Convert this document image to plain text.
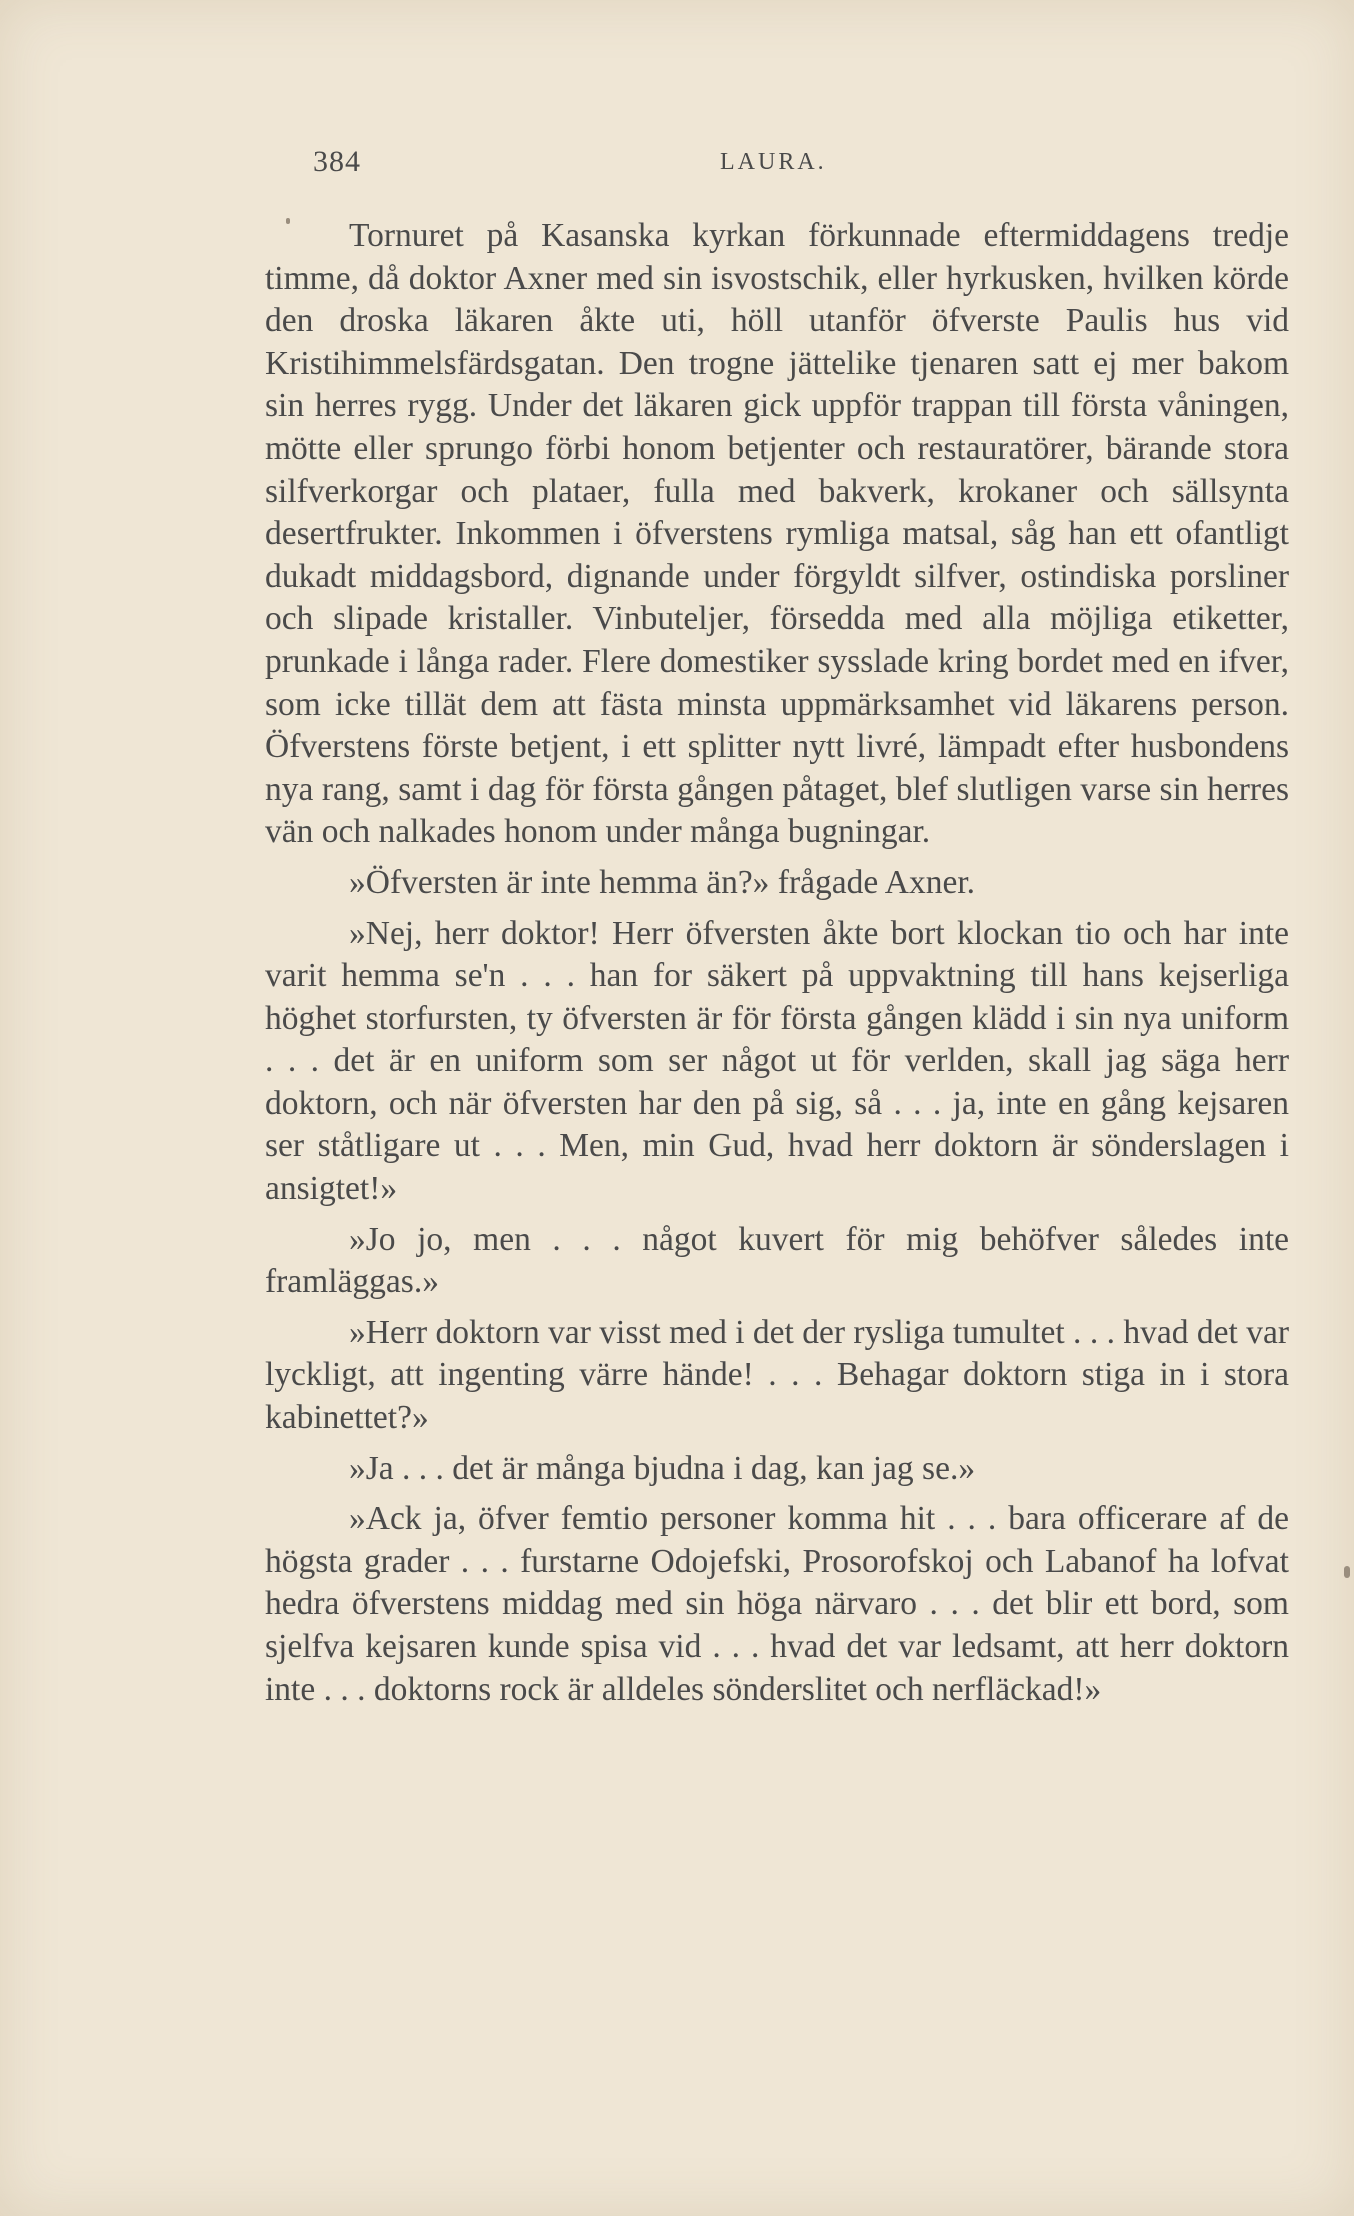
384	LAURA.

Tornuret på Kasanska kyrkan förkunnade eftermiddagens tredje timme, då doktor Axner med sin isvostschik, eller hyrkusken, hvilken körde den droska läkaren åkte uti, höll utanför öfverste Paulis hus vid Kristihimmelsfärdsgatan. Den trogne jättelike tjenaren satt ej mer bakom sin herres rygg. Under det läkaren gick uppför trappan till första våningen, mötte eller sprungo förbi honom betjenter och restauratörer, bärande stora silfverkorgar och plataer, fulla med bakverk, krokaner och sällsynta desertfrukter. Inkommen i öfverstens rymliga matsal, såg han ett ofantligt dukadt middagsbord, dignande under förgyldt silfver, ostindiska porsliner och slipade kristaller. Vinbuteljer, försedda med alla möjliga etiketter, prunkade i långa rader. Flere domestiker sysslade kring bordet med en ifver, som icke tillät dem att fästa minsta uppmärksamhet vid läkarens person. Öfverstens förste betjent, i ett splitter nytt livré, lämpadt efter husbondens nya rang, samt i dag för första gången påtaget, blef slutligen varse sin herres vän och nalkades honom under många bugningar.

»Öfversten är inte hemma än?» frågade Axner.

»Nej, herr doktor! Herr öfversten åkte bort klockan tio och har inte varit hemma se'n . . . han for säkert på uppvaktning till hans kejserliga höghet storfursten, ty öfversten är för första gången klädd i sin nya uniform . . . det är en uniform som ser något ut för verlden, skall jag säga herr doktorn, och när öfversten har den på sig, så . . . ja, inte en gång kejsaren ser ståtligare ut . . . Men, min Gud, hvad herr doktorn är sönderslagen i ansigtet!»

»Jo jo, men . . . något kuvert för mig behöfver således inte framläggas.»

»Herr doktorn var visst med i det der rysliga tumultet . . . hvad det var lyckligt, att ingenting värre hände! . . . Behagar doktorn stiga in i stora kabinettet?»

»Ja . . . det är många bjudna i dag, kan jag se.»

»Ack ja, öfver femtio personer komma hit . . . bara officerare af de högsta grader . . . furstarne Odojefski, Prosorofskoj och Labanof ha lofvat hedra öfverstens middag med sin höga närvaro . . . det blir ett bord, som sjelfva kejsaren kunde spisa vid . . . hvad det var ledsamt, att herr doktorn inte . . . doktorns rock är alldeles sönderslitet och nerfläckad!»
